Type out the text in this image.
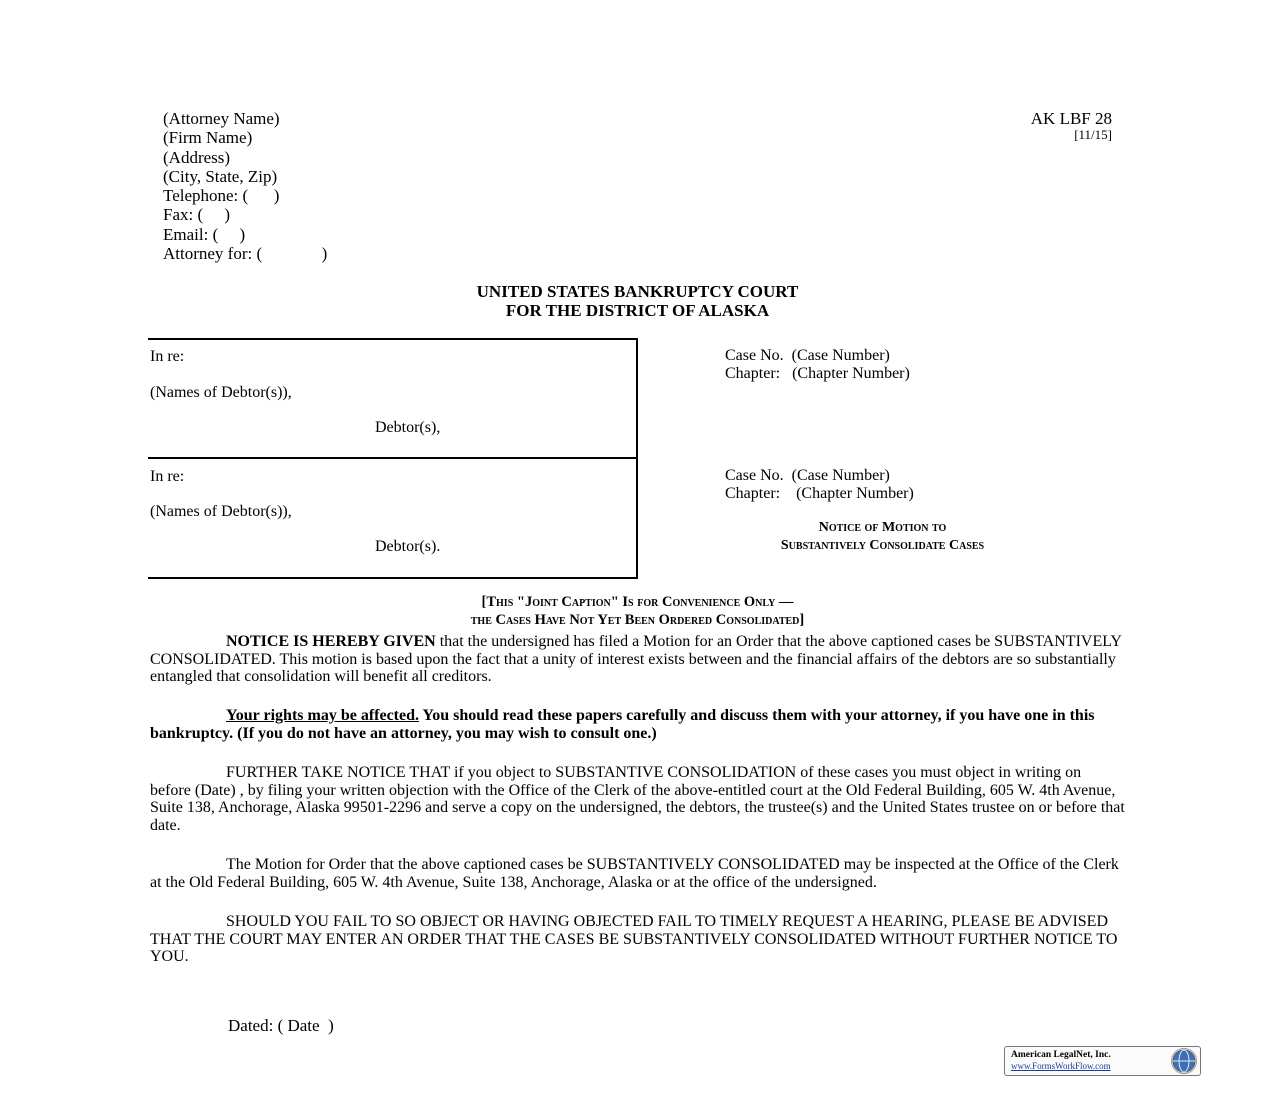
(Attorney Name)
(Firm Name)
(Address)
(City, State, Zip)
Telephone: (      )
Fax: (     )
Email: (     )
Attorney for: (              )
AK LBF 28
[11/15]
UNITED STATES BANKRUPTCY COURT
FOR THE DISTRICT OF ALASKA
In re:
(Names of Debtor(s)),
Debtor(s),
Case No.  (Case Number)
Chapter:   (Chapter Number)
In re:
(Names of Debtor(s)),
Debtor(s).
Case No.  (Case Number)
Chapter:    (Chapter Number)
Notice of Motion to
Substantively Consolidate Cases
[This "Joint Caption" Is for Convenience Only —
the Cases Have Not Yet Been Ordered Consolidated]

NOTICE IS HEREBY GIVEN that the undersigned has filed a Motion for an Order that the above captioned cases be SUBSTANTIVELY CONSOLIDATED. This motion is based upon the fact that a unity of interest exists between and the financial affairs of the debtors are so substantially entangled that consolidation will benefit all creditors.

Your rights may be affected. You should read these papers carefully and discuss them with your attorney, if you have one in this bankruptcy. (If you do not have an attorney, you may wish to consult one.)

FURTHER TAKE NOTICE THAT if you object to SUBSTANTIVE CONSOLIDATION of these cases you must object in writing on before (Date) , by filing your written objection with the Office of the Clerk of the above-entitled court at the Old Federal Building, 605 W. 4th Avenue, Suite 138, Anchorage, Alaska 99501-2296 and serve a copy on the undersigned, the debtors, the trustee(s) and the United States trustee on or before that date.

The Motion for Order that the above captioned cases be SUBSTANTIVELY CONSOLIDATED may be inspected at the Office of the Clerk at the Old Federal Building, 605 W. 4th Avenue, Suite 138, Anchorage, Alaska or at the office of the undersigned.

SHOULD YOU FAIL TO SO OBJECT OR HAVING OBJECTED FAIL TO TIMELY REQUEST A HEARING, PLEASE BE ADVISED THAT THE COURT MAY ENTER AN ORDER THAT THE CASES BE SUBSTANTIVELY CONSOLIDATED WITHOUT FURTHER NOTICE TO YOU.

Dated: ( Date  )
American LegalNet, Inc.
www.FormsWorkFlow.com
